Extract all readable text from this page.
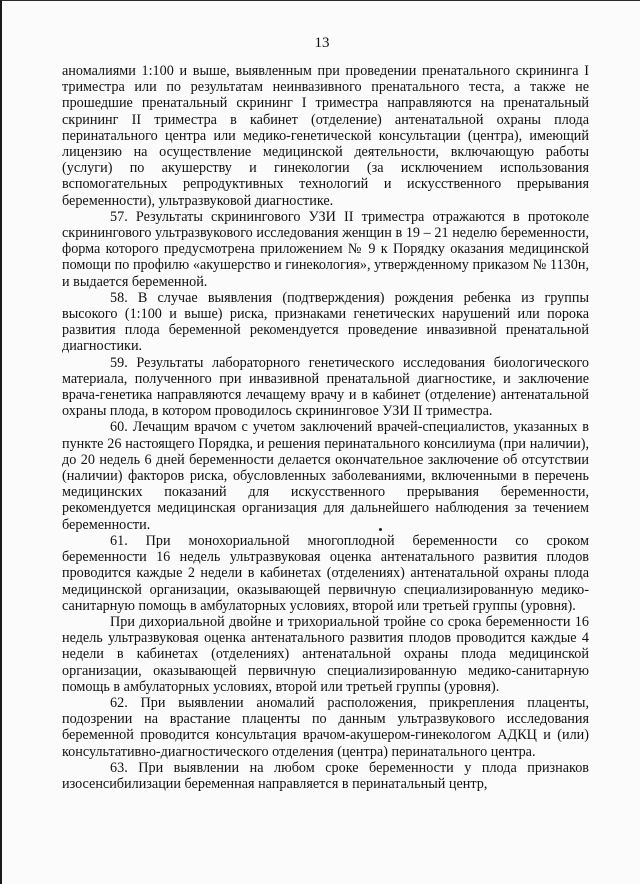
13

аномалиями 1:100 и выше, выявленным при проведении пренатального скрининга I триместра или по результатам неинвазивного пренатального теста, а также не прошедшие пренатальный скрининг I триместра направляются на пренатальный скрининг II триместра в кабинет (отделение) антенатальной охраны плода перинатального центра или медико-генетической консультации (центра), имеющий лицензию на осуществление медицинской деятельности, включающую работы (услуги) по акушерству и гинекологии (за исключением использования вспомогательных репродуктивных технологий и искусственного прерывания беременности), ультразвуковой диагностике.

57. Результаты скринингового УЗИ II триместра отражаются в протоколе скринингового ультразвукового исследования женщин в 19 – 21 неделю беременности, форма которого предусмотрена приложением № 9 к Порядку оказания медицинской помощи по профилю «акушерство и гинекология», утвержденному приказом № 1130н, и выдается беременной.

58. В случае выявления (подтверждения) рождения ребенка из группы высокого (1:100 и выше) риска, признаками генетических нарушений или порока развития плода беременной рекомендуется проведение инвазивной пренатальной диагностики.

59. Результаты лабораторного генетического исследования биологического материала, полученного при инвазивной пренатальной диагностике, и заключение врача-генетика направляются лечащему врачу и в кабинет (отделение) антенатальной охраны плода, в котором проводилось скрининговое УЗИ II триместра.

60. Лечащим врачом с учетом заключений врачей-специалистов, указанных в пункте 26 настоящего Порядка, и решения перинатального консилиума (при наличии), до 20 недель 6 дней беременности делается окончательное заключение об отсутствии (наличии) факторов риска, обусловленных заболеваниями, включенными в перечень медицинских показаний для искусственного прерывания беременности, рекомендуется медицинская организация для дальнейшего наблюдения за течением беременности.

61. При монохориальной многоплодной беременности со сроком беременности 16 недель ультразвуковая оценка антенатального развития плодов проводится каждые 2 недели в кабинетах (отделениях) антенатальной охраны плода медицинской организации, оказывающей первичную специализированную медико-санитарную помощь в амбулаторных условиях, второй или третьей группы (уровня).

При дихориальной двойне и трихориальной тройне со срока беременности 16 недель ультразвуковая оценка антенатального развития плодов проводится каждые 4 недели в кабинетах (отделениях) антенатальной охраны плода медицинской организации, оказывающей первичную специализированную медико-санитарную помощь в амбулаторных условиях, второй или третьей группы (уровня).

62. При выявлении аномалий расположения, прикрепления плаценты, подозрении на врастание плаценты по данным ультразвукового исследования беременной проводится консультация врачом-акушером-гинекологом АДКЦ и (или) консультативно-диагностического отделения (центра) перинатального центра.

63. При выявлении на любом сроке беременности у плода признаков изосенсибилизации беременная направляется в перинатальный центр,
